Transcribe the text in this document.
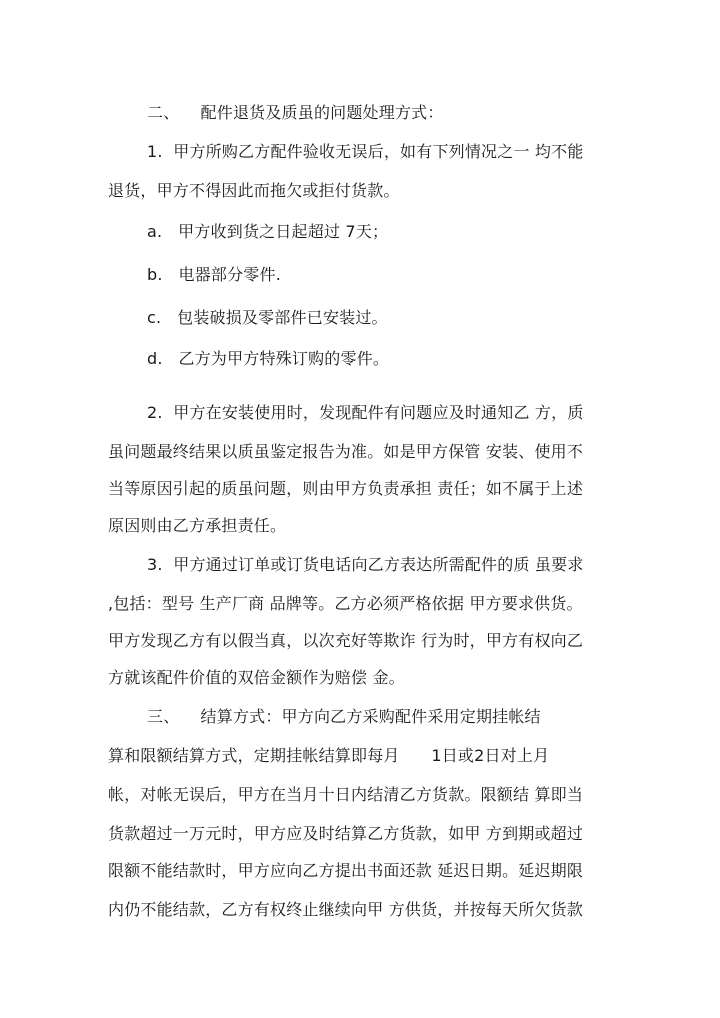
二、    配件退货及质虽的问题处理方式：
1.  甲方所购乙方配件验收无误后，如有下列情况之一 均不能
退货，甲方不得因此而拖欠或拒付货款。
a.   甲方收到货之日起超过 7天；
b.   电器部分零件.
c.   包装破损及零部件已安装过。
d.   乙方为甲方特殊订购的零件。
2.  甲方在安装使用时，发现配件有问题应及时通知乙 方，质
虽问题最终结果以质虽鉴定报告为准。如是甲方保管 安装、使用不
当等原因引起的质虽问题，则由甲方负责承担 责任；如不属于上述
原因则由乙方承担责任。
3.  甲方通过订单或订货电话向乙方表达所需配件的质 虽要求
,包括：型号 生产厂商 品牌等。乙方必须严格依据 甲方要求供货。
甲方发现乙方有以假当真，以次充好等欺诈 行为时，甲方有权向乙
方就该配件价值的双倍金额作为赔偿 金。
三、    结算方式：甲方向乙方采购配件采用定期挂帐结
算和限额结算方式，定期挂帐结算即每月      1日或2日对上月
帐，对帐无误后，甲方在当月十日内结清乙方货款。限额结 算即当
货款超过一万元时，甲方应及时结算乙方货款，如甲 方到期或超过
限额不能结款时，甲方应向乙方提出书面还款 延迟日期。延迟期限
内仍不能结款，乙方有权终止继续向甲 方供货，并按每天所欠货款
